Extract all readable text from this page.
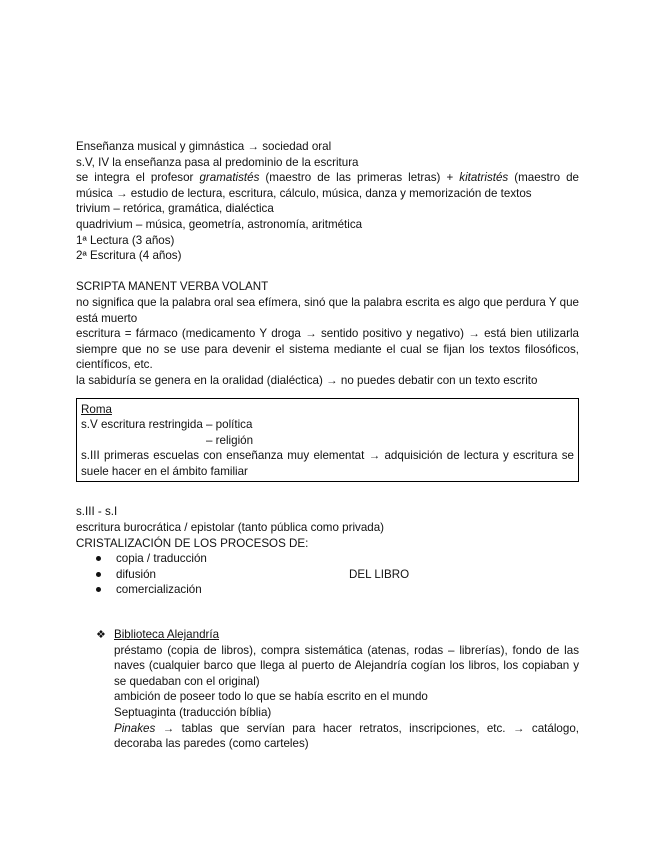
Enseñanza musical y gimnástica → sociedad oral
s.V, IV la enseñanza pasa al predominio de la escritura
se integra el profesor gramatistés (maestro de las primeras letras) + kitatristés (maestro de música → estudio de lectura, escritura, cálculo, música, danza y memorización de textos
trivium – retórica, gramática, dialéctica
quadrivium – música, geometría, astronomía, aritmética
1ª Lectura (3 años)
2ª Escritura (4 años)
SCRIPTA MANENT VERBA VOLANT
no significa que la palabra oral sea efímera, sinó que la palabra escrita es algo que perdura Y que está muerto
escritura = fármaco (medicamento Y droga → sentido positivo y negativo) → está bien utilizarla siempre que no se use para devenir el sistema mediante el cual se fijan los textos filosóficos, científicos, etc.
la sabiduría se genera en la oralidad (dialéctica) → no puedes debatir con un texto escrito
Roma
s.V escritura restringida – política
– religión
s.III primeras escuelas con enseñanza muy elementat → adquisición de lectura y escritura se suele hacer en el ámbito familiar
s.III - s.I
escritura burocrática / epistolar (tanto pública como privada)
CRISTALIZACIÓN DE LOS PROCESOS DE:
copia / traducción
difusión
comercialización
DEL LIBRO
❖ Biblioteca Alejandría
préstamo (copia de libros), compra sistemática (atenas, rodas – librerías), fondo de las naves (cualquier barco que llega al puerto de Alejandría cogían los libros, los copiaban y se quedaban con el original)
ambición de poseer todo lo que se había escrito en el mundo
Septuaginta (traducción bíblia)
Pinakes → tablas que servían para hacer retratos, inscripciones, etc. → catálogo, decoraba las paredes (como carteles)
